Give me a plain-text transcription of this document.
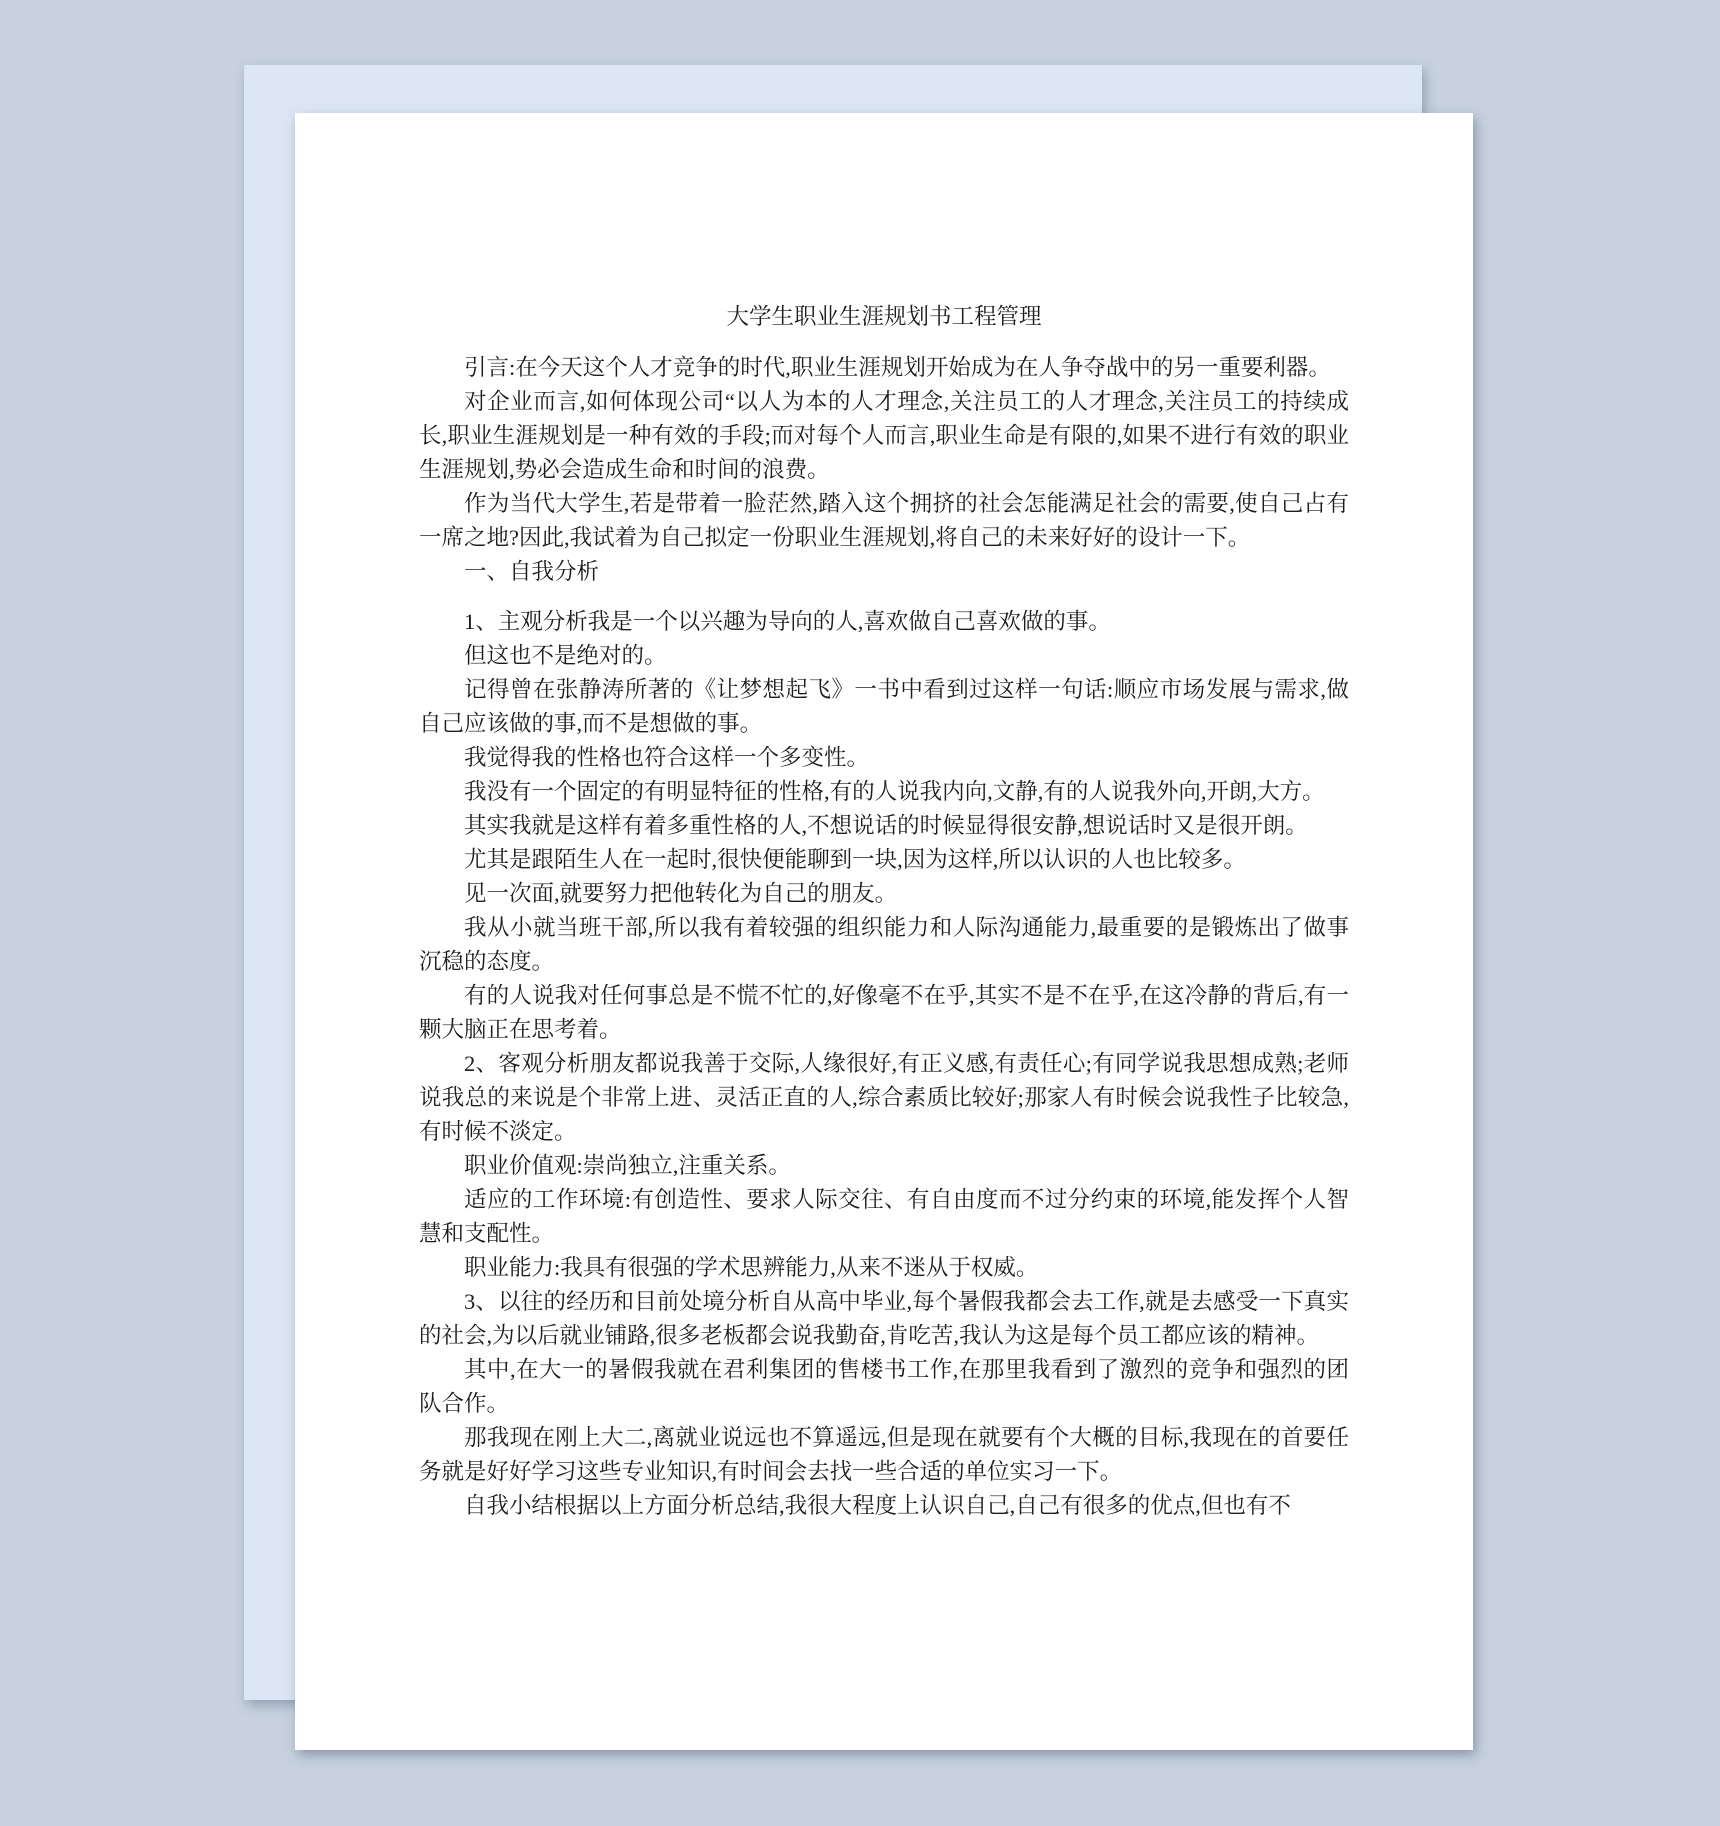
大学生职业生涯规划书工程管理

引言:在今天这个人才竞争的时代,职业生涯规划开始成为在人争夺战中的另一重要利器。

对企业而言,如何体现公司“以人为本的人才理念,关注员工的人才理念,关注员工的持续成长,职业生涯规划是一种有效的手段;而对每个人而言,职业生命是有限的,如果不进行有效的职业生涯规划,势必会造成生命和时间的浪费。

作为当代大学生,若是带着一脸茫然,踏入这个拥挤的社会怎能满足社会的需要,使自己占有一席之地?因此,我试着为自己拟定一份职业生涯规划,将自己的未来好好的设计一下。

一、自我分析

1、主观分析我是一个以兴趣为导向的人,喜欢做自己喜欢做的事。

但这也不是绝对的。

记得曾在张静涛所著的《让梦想起飞》一书中看到过这样一句话:顺应市场发展与需求,做自己应该做的事,而不是想做的事。

我觉得我的性格也符合这样一个多变性。

我没有一个固定的有明显特征的性格,有的人说我内向,文静,有的人说我外向,开朗,大方。

其实我就是这样有着多重性格的人,不想说话的时候显得很安静,想说话时又是很开朗。

尤其是跟陌生人在一起时,很快便能聊到一块,因为这样,所以认识的人也比较多。

见一次面,就要努力把他转化为自己的朋友。

我从小就当班干部,所以我有着较强的组织能力和人际沟通能力,最重要的是锻炼出了做事沉稳的态度。

有的人说我对任何事总是不慌不忙的,好像毫不在乎,其实不是不在乎,在这冷静的背后,有一颗大脑正在思考着。

2、客观分析朋友都说我善于交际,人缘很好,有正义感,有责任心;有同学说我思想成熟;老师说我总的来说是个非常上进、灵活正直的人,综合素质比较好;那家人有时候会说我性子比较急,有时候不淡定。

职业价值观:崇尚独立,注重关系。

适应的工作环境:有创造性、要求人际交往、有自由度而不过分约束的环境,能发挥个人智慧和支配性。

职业能力:我具有很强的学术思辨能力,从来不迷从于权威。

3、以往的经历和目前处境分析自从高中毕业,每个暑假我都会去工作,就是去感受一下真实的社会,为以后就业铺路,很多老板都会说我勤奋,肯吃苦,我认为这是每个员工都应该的精神。

其中,在大一的暑假我就在君利集团的售楼书工作,在那里我看到了激烈的竞争和强烈的团队合作。

那我现在刚上大二,离就业说远也不算遥远,但是现在就要有个大概的目标,我现在的首要任务就是好好学习这些专业知识,有时间会去找一些合适的单位实习一下。

自我小结根据以上方面分析总结,我很大程度上认识自己,自己有很多的优点,但也有不
